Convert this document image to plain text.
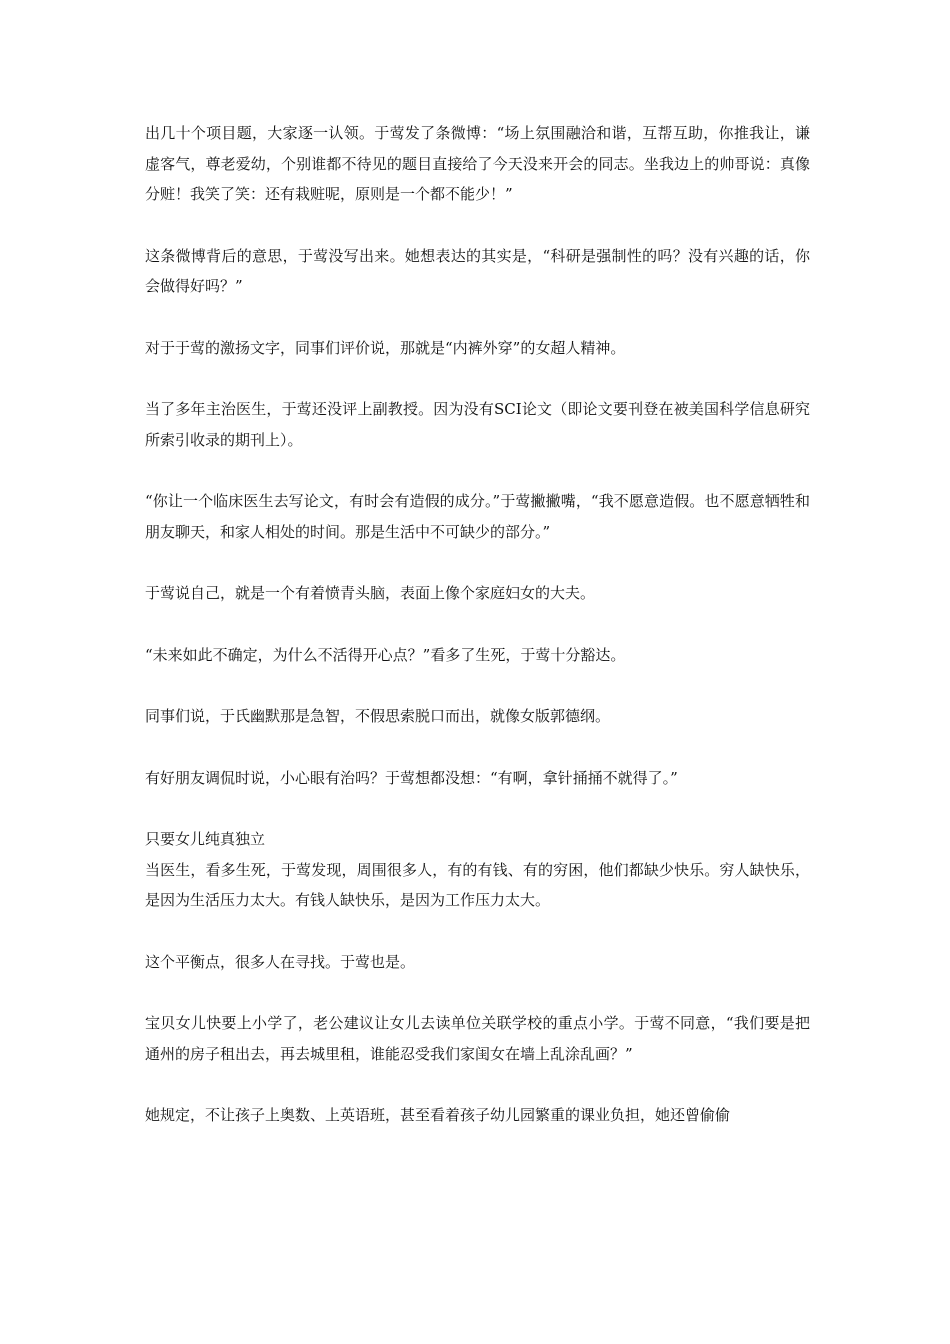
出几十个项目题，大家逐一认领。于莺发了条微博：“场上氛围融洽和谐，互帮互助，你推我让，谦虚客气，尊老爱幼，个别谁都不待见的题目直接给了今天没来开会的同志。坐我边上的帅哥说：真像分赃！我笑了笑：还有栽赃呢，原则是一个都不能少！”

这条微博背后的意思，于莺没写出来。她想表达的其实是，“科研是强制性的吗？没有兴趣的话，你会做得好吗？”

对于于莺的激扬文字，同事们评价说，那就是“内裤外穿”的女超人精神。

当了多年主治医生，于莺还没评上副教授。因为没有SCI论文（即论文要刊登在被美国科学信息研究所索引收录的期刊上）。

“你让一个临床医生去写论文，有时会有造假的成分。”于莺撇撇嘴，“我不愿意造假。也不愿意牺牲和朋友聊天，和家人相处的时间。那是生活中不可缺少的部分。”

于莺说自己，就是一个有着愤青头脑，表面上像个家庭妇女的大夫。

“未来如此不确定，为什么不活得开心点？”看多了生死，于莺十分豁达。

同事们说，于氏幽默那是急智，不假思索脱口而出，就像女版郭德纲。

有好朋友调侃时说，小心眼有治吗？于莺想都没想：“有啊，拿针捅捅不就得了。”

只要女儿纯真独立

当医生，看多生死，于莺发现，周围很多人，有的有钱、有的穷困，他们都缺少快乐。穷人缺快乐，是因为生活压力太大。有钱人缺快乐，是因为工作压力太大。

这个平衡点，很多人在寻找。于莺也是。

宝贝女儿快要上小学了，老公建议让女儿去读单位关联学校的重点小学。于莺不同意，“我们要是把通州的房子租出去，再去城里租，谁能忍受我们家闺女在墙上乱涂乱画？”

她规定，不让孩子上奥数、上英语班，甚至看着孩子幼儿园繁重的课业负担，她还曾偷偷
